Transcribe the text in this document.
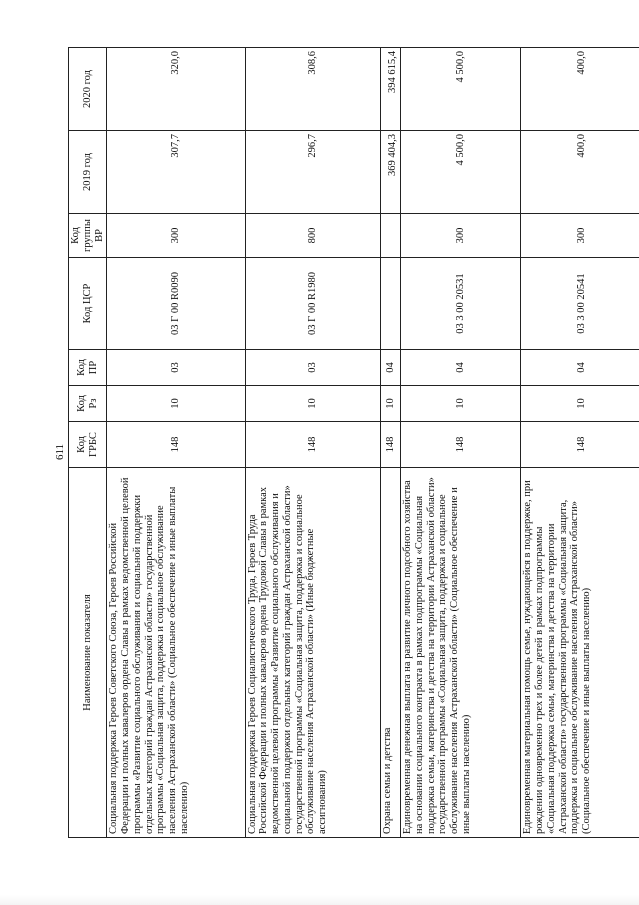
611
Наименование показателя	Код ГРБС	Код Рз	Код ПР	Код ЦСР	Код группы ВР	2019 год	2020 год
Социальная поддержка Героев Советского Союза, Героев Российской Федерации и полных кавалеров ордена Славы в рамках ведомственной целевой программы «Развитие социального обслуживания и социальной поддержки отдельных категорий граждан Астраханской области» государственной программы «Социальная защита, поддержка и социальное обслуживание населения Астраханской области» (Социальное обеспечение и иные выплаты населению)	148	10	03	03 Г 00 R0090	300	307,7	320,0
Социальная поддержка Героев Социалистического Труда, Героев Труда Российской Федерации и полных кавалеров ордена Трудовой Славы в рамках ведомственной целевой программы «Развитие социального обслуживания и социальной поддержки отдельных категорий граждан Астраханской области» государственной программы «Социальная защита, поддержка и социальное обслуживание населения Астраханской области» (Иные бюджетные ассигнования)	148	10	03	03 Г 00 R1980	800	296,7	308,6
Охрана семьи и детства	148	10	04			369 404,3	394 615,4
Единовременная денежная выплата на развитие личного подсобного хозяйства на основании социального контракта в рамках подпрограммы «Социальная поддержка семьи, материнства и детства на территории Астраханской области» государственной программы «Социальная защита, поддержка и социальное обслуживание населения Астраханской области» (Социальное обеспечение и иные выплаты населению)	148	10	04	03 3 00 20531	300	4 500,0	4 500,0
Единовременная материальная помощь семье, нуждающейся в поддержке, при рождении одновременно трех и более детей в рамках подпрограммы «Социальная поддержка семьи, материнства и детства на территории Астраханской области» государственной программы «Социальная защита, поддержка и социальное обслуживание населения Астраханской области» (Социальное обеспечение и иные выплаты населению)	148	10	04	03 3 00 20541	300	400,0	400,0
